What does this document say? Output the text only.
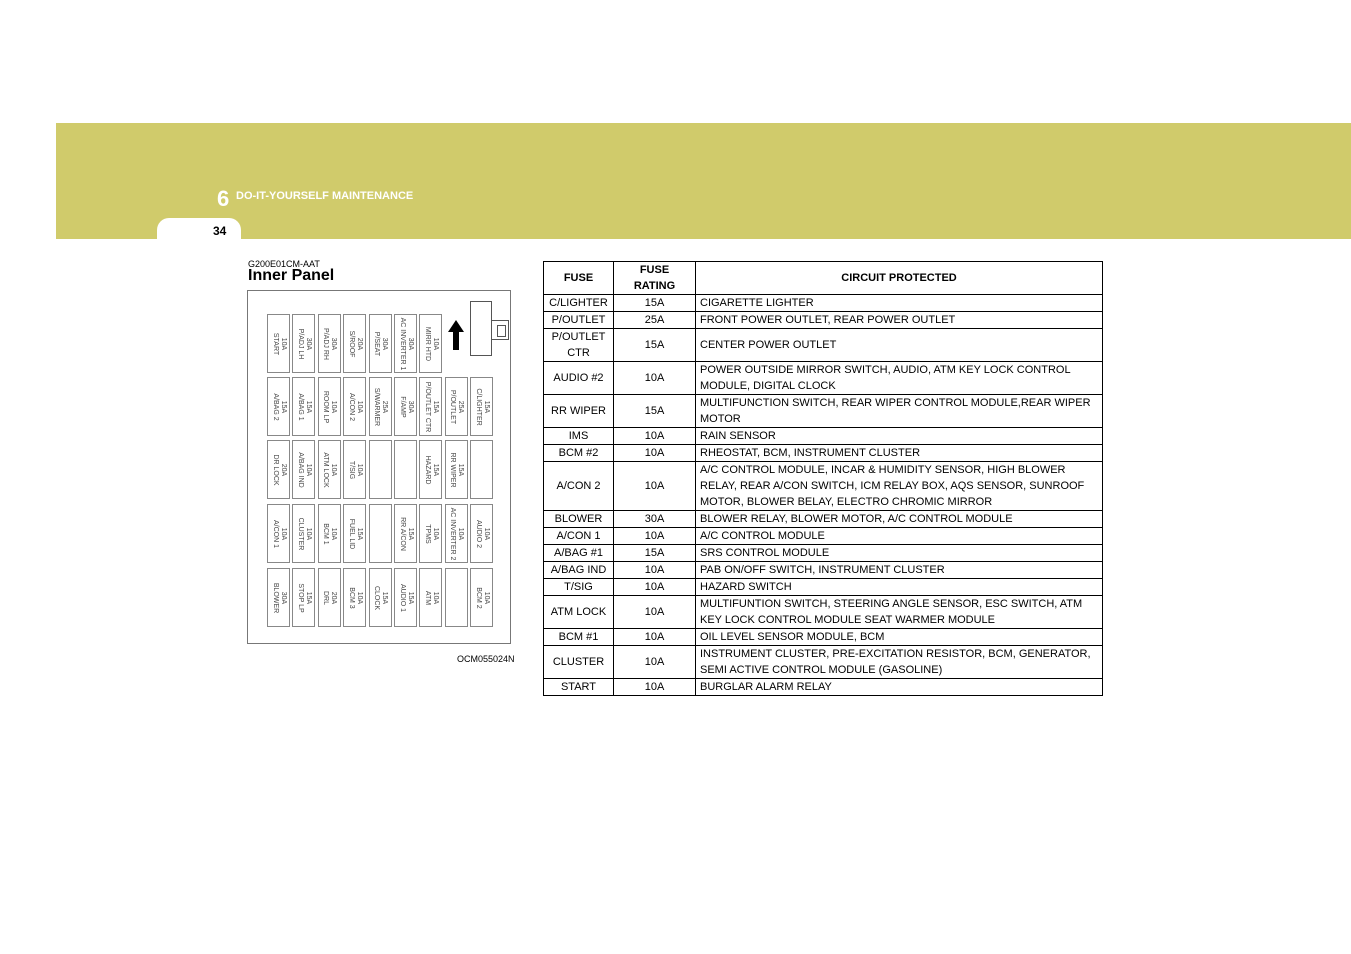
6 DO-IT-YOURSELF MAINTENANCE
34
G200E01CM-AAT
Inner Panel
10A
START
15A
A/BAG 2
20A
DR LOCK
10A
A/CON 1
30A
BLOWER
30A
P/ADJ LH
15A
A/BAG 1
10A
A/BAG IND
10A
CLUSTER
15A
STOP LP
30A
P/ADJ RH
10A
ROOM LP
10A
ATM LOCK
10A
BCM 1
20A
DRL
20A
S/ROOF
10A
A/CON 2
10A
T/SIG
15A
FUEL LID
10A
BCM 3
30A
P/SEAT
25A
S/WARMER
15A
CLOCK
30A
AC INVERTER 1
30A
F/AMP
15A
RR A/CON
15A
AUDIO 1
10A
MIRR HTD
15A
P/OUTLET CTR
15A
HAZARD
10A
TPMS
10A
ATM
25A
P/OUTLET
15A
RR WIPER
10A
AC INVERTER 2
15A
C/LIGHTER
10A
AUDIO 2
10A
BCM 2
OCM055024N
FUSE	FUSE RATING	CIRCUIT PROTECTED
C/LIGHTER	15A	CIGARETTE LIGHTER
P/OUTLET	25A	FRONT POWER OUTLET, REAR POWER OUTLET
P/OUTLET CTR	15A	CENTER POWER OUTLET
AUDIO #2	10A	POWER OUTSIDE MIRROR SWITCH, AUDIO, ATM KEY LOCK CONTROL MODULE, DIGITAL CLOCK
RR WIPER	15A	MULTIFUNCTION SWITCH, REAR WIPER CONTROL MODULE,REAR WIPER MOTOR
IMS	10A	RAIN SENSOR
BCM #2	10A	RHEOSTAT, BCM, INSTRUMENT CLUSTER
A/CON 2	10A	A/C CONTROL MODULE, INCAR & HUMIDITY SENSOR, HIGH BLOWER RELAY, REAR A/CON SWITCH, ICM RELAY BOX, AQS SENSOR, SUNROOF MOTOR, BLOWER BELAY, ELECTRO CHROMIC MIRROR
BLOWER	30A	BLOWER RELAY, BLOWER MOTOR, A/C CONTROL MODULE
A/CON 1	10A	A/C CONTROL MODULE
A/BAG #1	15A	SRS CONTROL MODULE
A/BAG IND	10A	PAB ON/OFF SWITCH, INSTRUMENT CLUSTER
T/SIG	10A	HAZARD SWITCH
ATM LOCK	10A	MULTIFUNTION SWITCH, STEERING ANGLE SENSOR, ESC SWITCH, ATM KEY LOCK CONTROL MODULE SEAT WARMER MODULE
BCM #1	10A	OIL LEVEL SENSOR MODULE, BCM
CLUSTER	10A	INSTRUMENT CLUSTER, PRE-EXCITATION RESISTOR, BCM, GENERATOR, SEMI ACTIVE CONTROL MODULE (GASOLINE)
START	10A	BURGLAR ALARM RELAY
